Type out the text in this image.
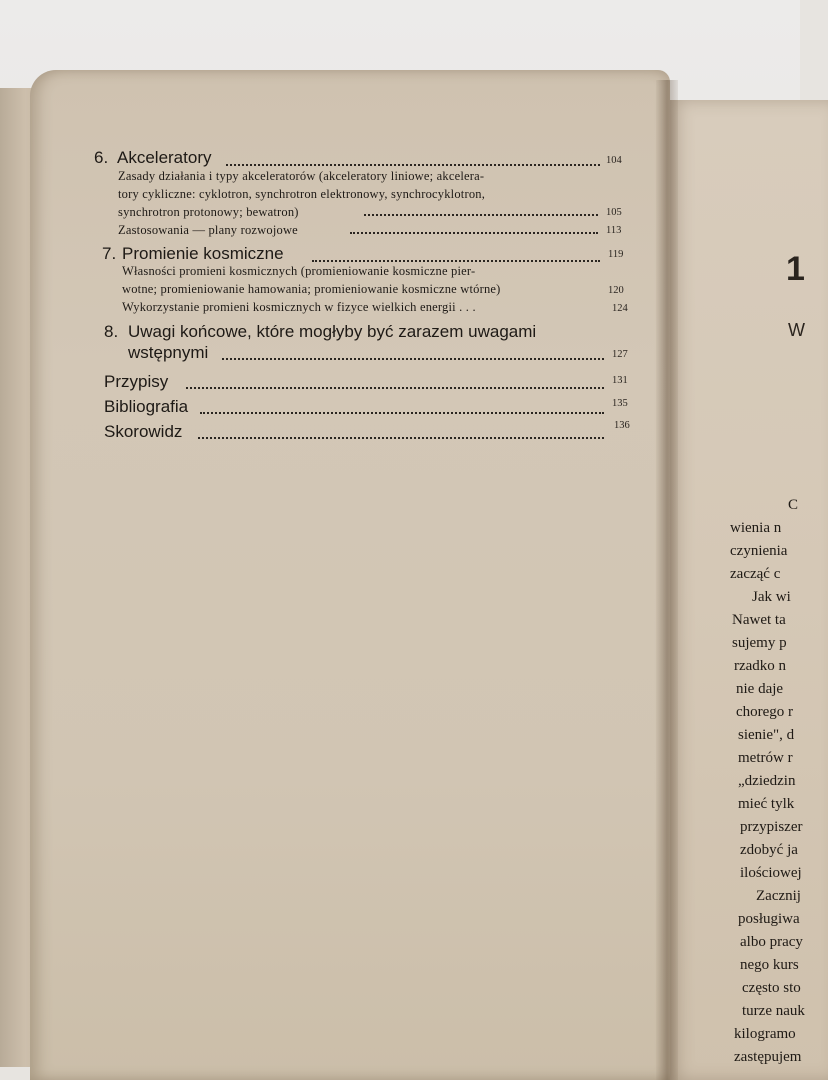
1
W
C
wienia n
czynienia
zacząć c
Jak wi
Nawet ta
sujemy p
rzadko n
nie daje
chorego r
sienie", d
metrów r
„dziedzin
mieć tylk
przypiszer
zdobyć ja
ilościowej
Zacznij
posługiwa
albo pracy
nego kurs
często sto
turze nauk
kilogramo
zastępujem
6. Akceleratory	104
Zasady działania i typy akceleratorów (akceleratory liniowe; akcelera-
tory cykliczne: cyklotron, synchrotron elektronowy, synchrocyklotron,
synchrotron protonowy; bewatron)	105
Zastosowania — plany rozwojowe	113
7. Promienie kosmiczne	119
Własności promieni kosmicznych (promieniowanie kosmiczne pier-
wotne; promieniowanie hamowania; promieniowanie kosmiczne wtórne)	120
Wykorzystanie promieni kosmicznych w fizyce wielkich energii . . .	124
8. Uwagi końcowe, które mogłyby być zarazem uwagami
wstępnymi	127
Przypisy	131
Bibliografia	135
Skorowidz	136
